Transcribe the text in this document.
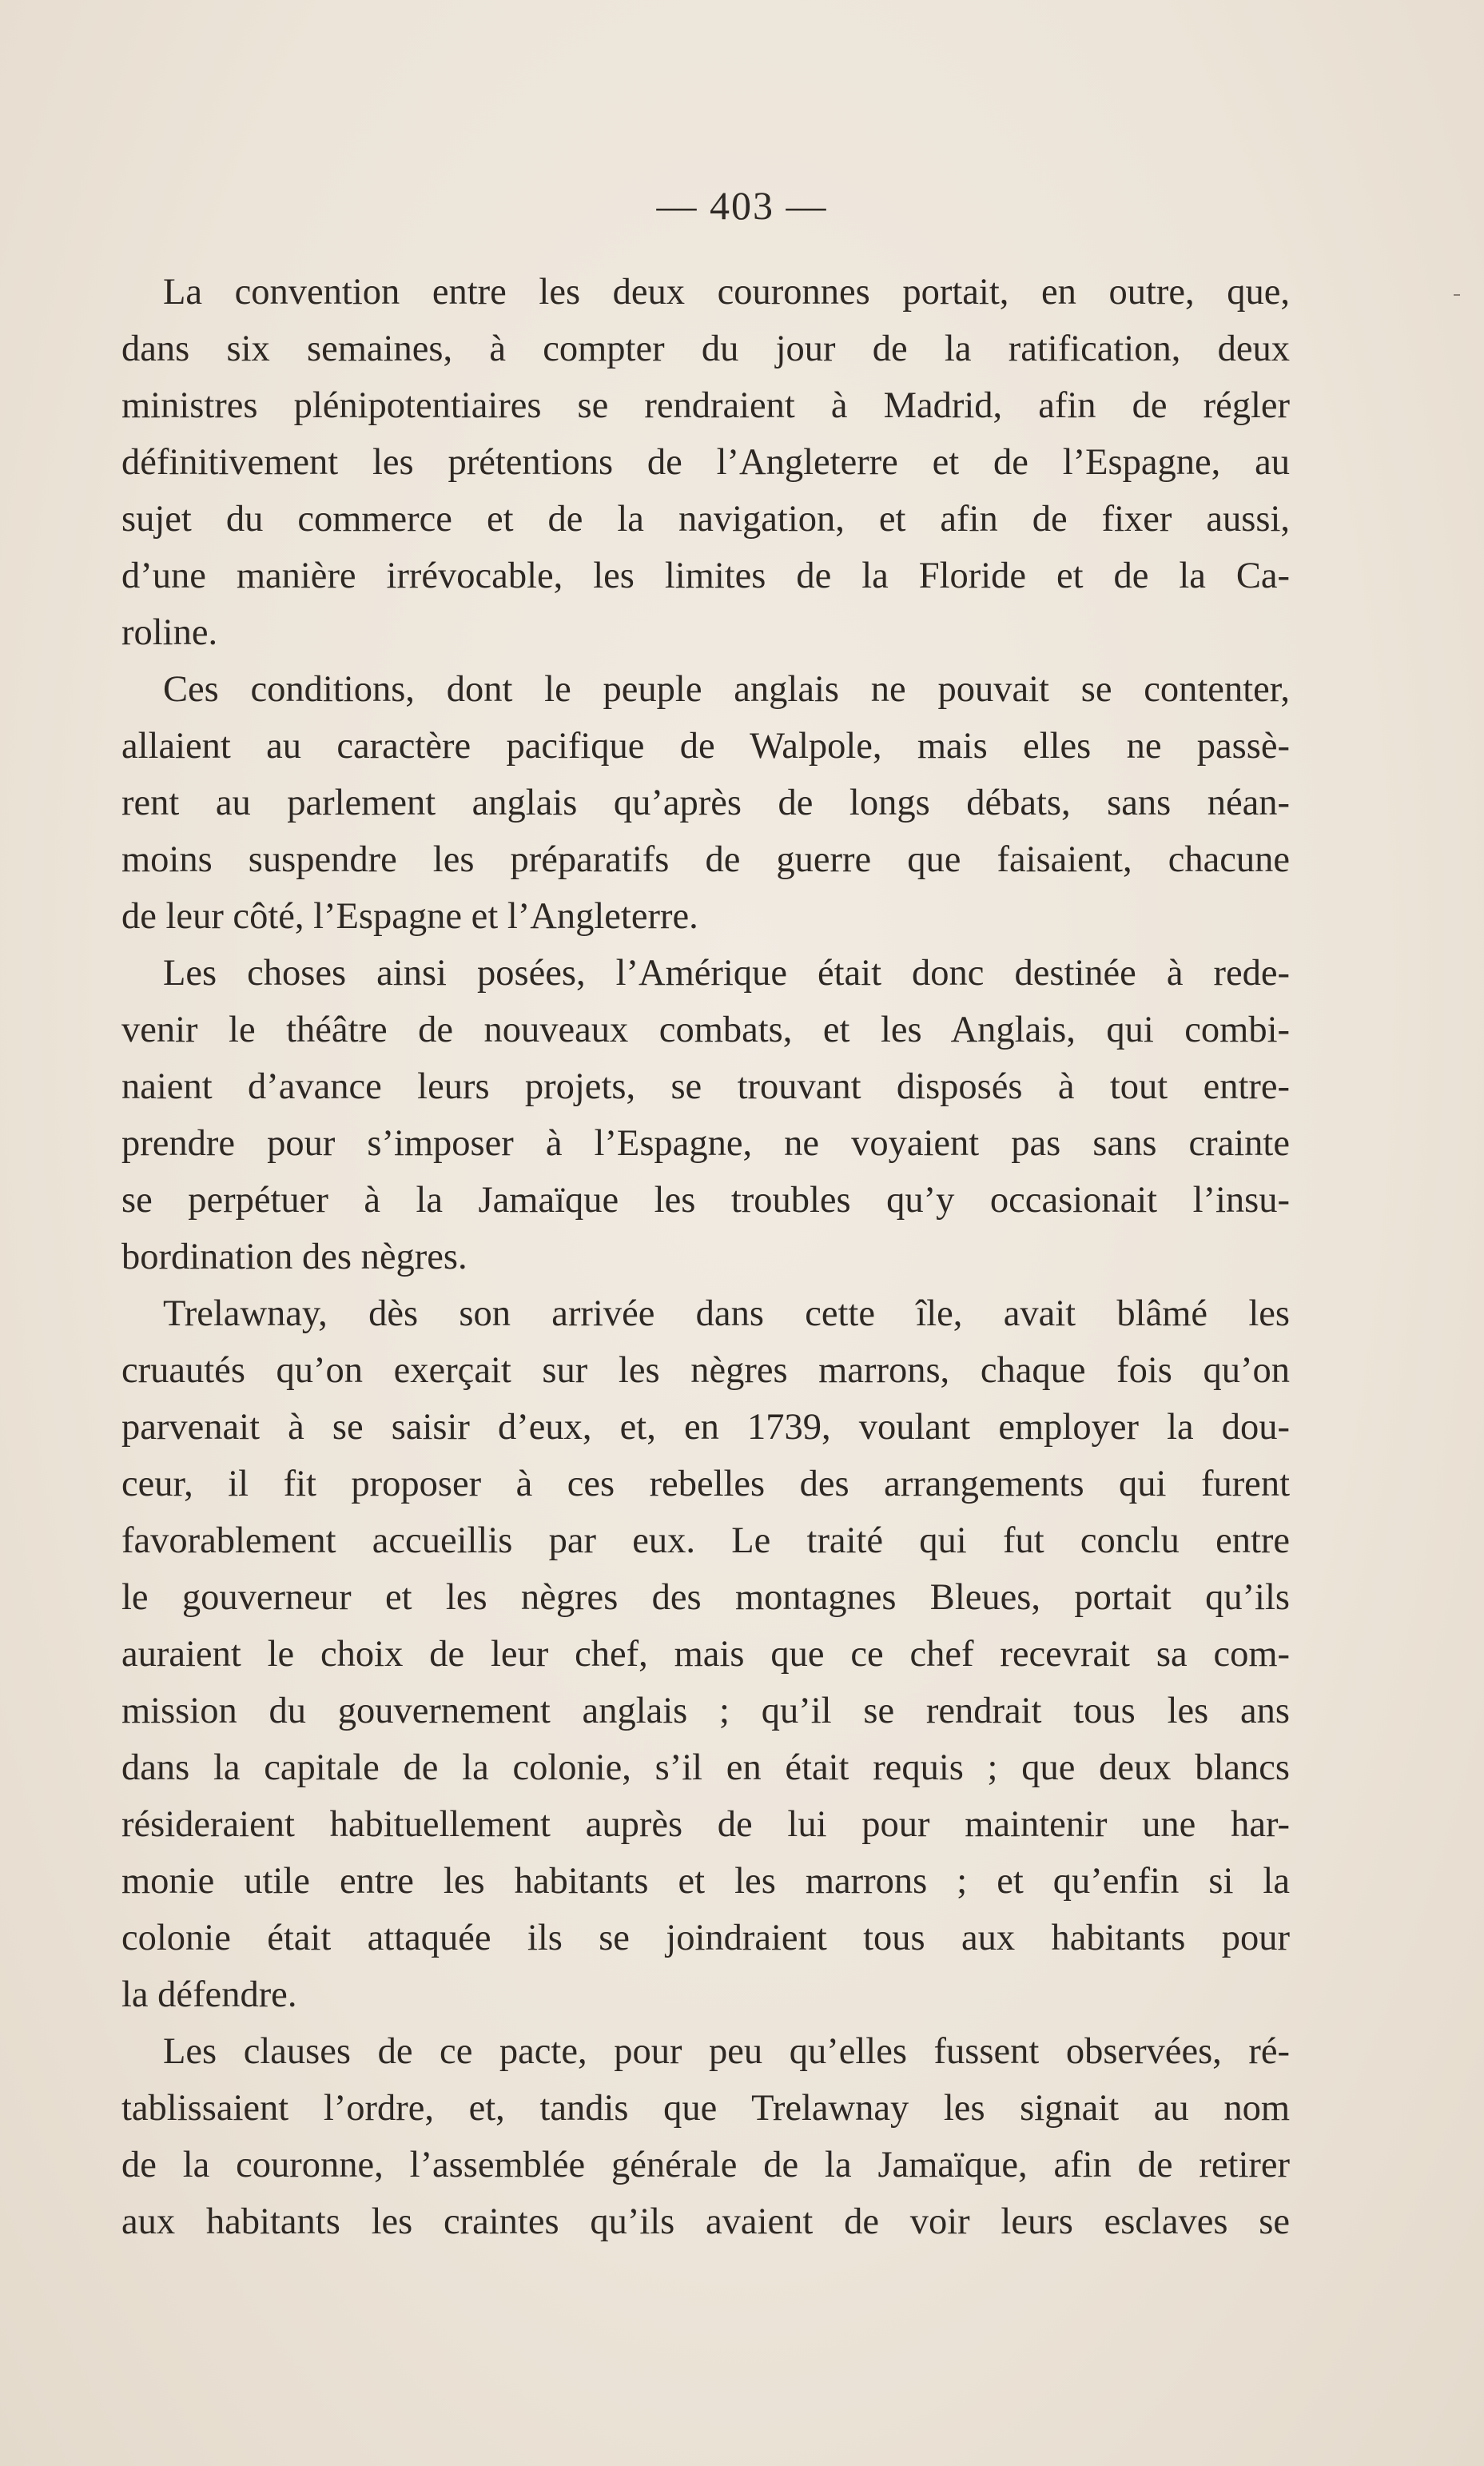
— 403 —
La convention entre les deux couronnes portait, en outre, que,
dans six semaines, à compter du jour de la ratification, deux
ministres plénipotentiaires se rendraient à Madrid, afin de régler
définitivement les prétentions de l’Angleterre et de l’Espagne, au
sujet du commerce et de la navigation, et afin de fixer aussi,
d’une manière irrévocable, les limites de la Floride et de la Ca-
roline.
Ces conditions, dont le peuple anglais ne pouvait se contenter,
allaient au caractère pacifique de Walpole, mais elles ne passè-
rent au parlement anglais qu’après de longs débats, sans néan-
moins suspendre les préparatifs de guerre que faisaient, chacune
de leur côté, l’Espagne et l’Angleterre.
Les choses ainsi posées, l’Amérique était donc destinée à rede-
venir le théâtre de nouveaux combats, et les Anglais, qui combi-
naient d’avance leurs projets, se trouvant disposés à tout entre-
prendre pour s’imposer à l’Espagne, ne voyaient pas sans crainte
se perpétuer à la Jamaïque les troubles qu’y occasionait l’insu-
bordination des nègres.
Trelawnay, dès son arrivée dans cette île, avait blâmé les
cruautés qu’on exerçait sur les nègres marrons, chaque fois qu’on
parvenait à se saisir d’eux, et, en 1739, voulant employer la dou-
ceur, il fit proposer à ces rebelles des arrangements qui furent
favorablement accueillis par eux. Le traité qui fut conclu entre
le gouverneur et les nègres des montagnes Bleues, portait qu’ils
auraient le choix de leur chef, mais que ce chef recevrait sa com-
mission du gouvernement anglais ; qu’il se rendrait tous les ans
dans la capitale de la colonie, s’il en était requis ; que deux blancs
résideraient habituellement auprès de lui pour maintenir une har-
monie utile entre les habitants et les marrons ; et qu’enfin si la
colonie était attaquée ils se joindraient tous aux habitants pour
la défendre.
Les clauses de ce pacte, pour peu qu’elles fussent observées, ré-
tablissaient l’ordre, et, tandis que Trelawnay les signait au nom
de la couronne, l’assemblée générale de la Jamaïque, afin de retirer
aux habitants les craintes qu’ils avaient de voir leurs esclaves se
